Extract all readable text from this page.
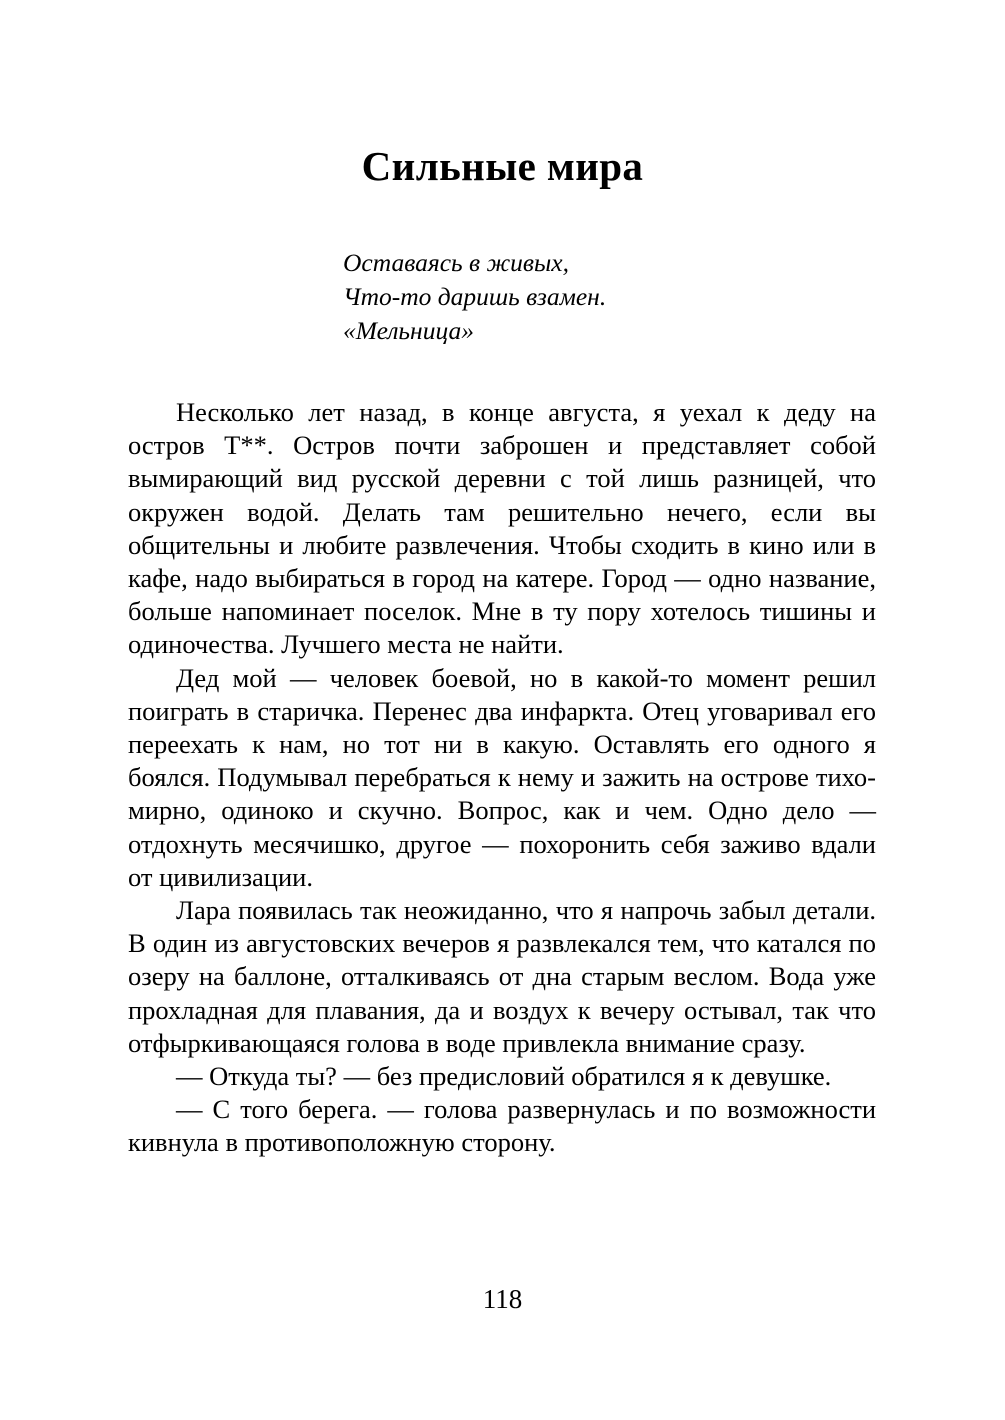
Сильные мира
Оставаясь в живых,
Что-то даришь взамен.
«Мельница»

Несколько лет назад, в конце августа, я уехал к деду на остров Т**. Остров почти заброшен и представляет собой вымирающий вид русской деревни с той лишь разницей, что окружен водой. Делать там решительно нечего, если вы общительны и любите развлечения. Чтобы сходить в кино или в кафе, надо выбираться в город на катере. Город — одно название, больше напоминает поселок. Мне в ту пору хотелось тишины и одиночества. Лучшего места не найти.

Дед мой — человек боевой, но в какой-то момент решил поиграть в старичка. Перенес два инфаркта. Отец уговаривал его переехать к нам, но тот ни в какую. Оставлять его одного я боялся. Подумывал перебраться к нему и зажить на острове тихо-мирно, одиноко и скучно. Вопрос, как и чем. Одно дело — отдохнуть месячишко, другое — похоронить себя заживо вдали от цивилизации.

Лара появилась так неожиданно, что я напрочь забыл детали. В один из августовских вечеров я развлекался тем, что катался по озеру на баллоне, отталкиваясь от дна старым веслом. Вода уже прохладная для плавания, да и воздух к вечеру остывал, так что отфыркивающаяся голова в воде привлекла внимание сразу.

— Откуда ты? — без предисловий обратился я к девушке.

— С того берега. — голова развернулась и по возможности кивнула в противоположную сторону.

118
